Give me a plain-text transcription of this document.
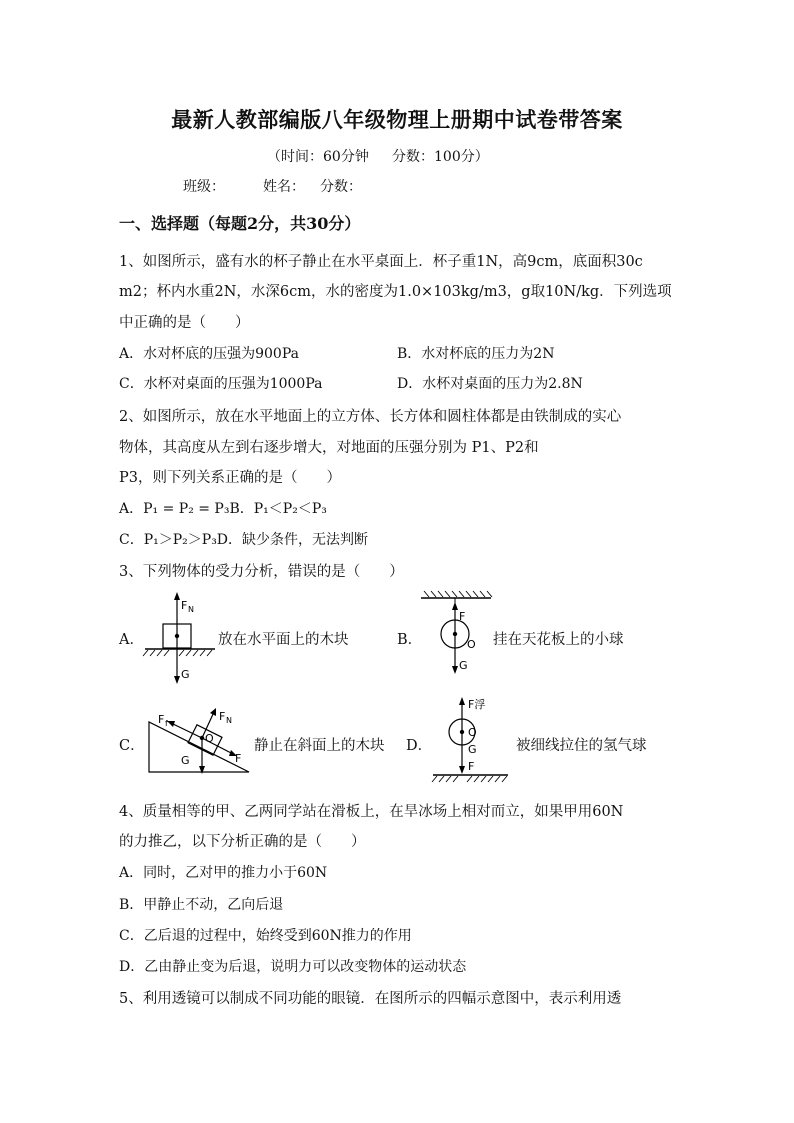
最新人教部编版八年级物理上册期中试卷带答案
（时间：60分钟 分数：100分）
班级：	姓名： 分数：
一、选择题（每题2分，共30分）
1、如图所示，盛有水的杯子静止在水平桌面上．杯子重1N，高9cm，底面积30c
m2；杯内水重2N，水深6cm，水的密度为1.0×103kg/m3，g取10N/kg．下列选项
中正确的是（　　）
A．水对杯底的压强为900Pa	B．水对杯底的压力为2N
C．水杯对桌面的压强为1000Pa	D．水杯对桌面的压力为2.8N
2、如图所示，放在水平地面上的立方体、长方体和圆柱体都是由铁制成的实心
物体，其高度从左到右逐步增大，对地面的压强分别为 P1、P2和
P3，则下列关系正确的是（　　）
A．P₁ = P₂ = P₃B．P₁＜P₂＜P₃
C．P₁＞P₂＞P₃D．缺少条件，无法判断
3、下列物体的受力分析，错误的是（　　）
A．
F N
G
放在水平面上的木块	B．
F
O
G
挂在天花板上的小球
C．
F N
F f
O
G	F
静止在斜面上的木块 D．
F浮
O
G
F
被细线拉住的氢气球
4、质量相等的甲、乙两同学站在滑板上，在旱冰场上相对而立，如果甲用60N
的力推乙，以下分析正确的是（　　）
A．同时，乙对甲的推力小于60N
B．甲静止不动，乙向后退
C．乙后退的过程中，始终受到60N推力的作用
D．乙由静止变为后退，说明力可以改变物体的运动状态
5、利用透镜可以制成不同功能的眼镜．在图所示的四幅示意图中，表示利用透
